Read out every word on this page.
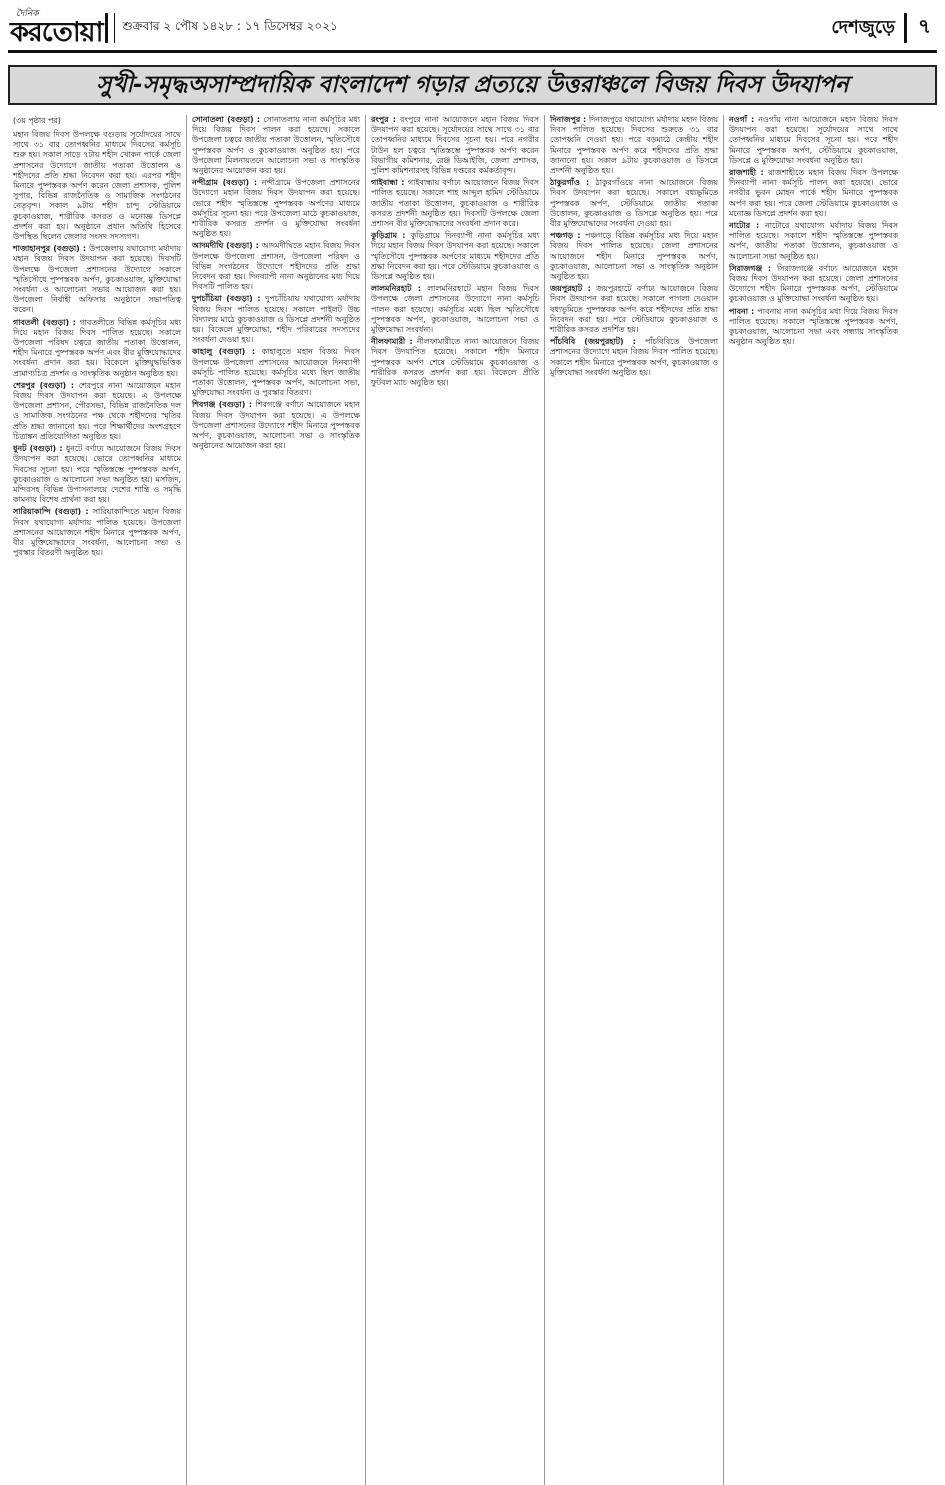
দৈনিক
করতোয়া শুক্রবার ২ পৌষ ১৪২৮ : ১৭ ডিসেম্বর ২০২১	দেশজুড়ে ৭
সুখী-সমৃদ্ধঅসাম্প্রদায়িক বাংলাদেশ গড়ার প্রত্যয়ে উত্তরাঞ্চলে বিজয় দিবস উদযাপন
(৩য় পৃষ্ঠার পর)

মহান বিজয় দিবস উপলক্ষে বগুড়ায় সূর্যোদয়ের সাথে সাথে ৩১ বার তোপধ্বনির মাধ্যমে দিবসের কর্মসূচি শুরু হয়। সকাল সাড়ে ৭টায় শহীদ খোকন পার্কে জেলা প্রশাসনের উদ্যোগে জাতীয় পতাকা উত্তোলন ও শহীদদের প্রতি শ্রদ্ধা নিবেদন করা হয়। এরপর শহীদ মিনারে পুষ্পস্তবক অর্পণ করেন জেলা প্রশাসক, পুলিশ সুপার, বিভিন্ন রাজনৈতিক ও সামাজিক সংগঠনের নেতৃবৃন্দ। সকাল ৯টায় শহীদ চান্দু স্টেডিয়ামে কুচকাওয়াজ, শারীরিক কসরত ও মনোজ্ঞ ডিসপ্লে প্রদর্শন করা হয়। অনুষ্ঠানে প্রধান অতিথি হিসেবে উপস্থিত ছিলেন জেলার সংসদ সদস্যগণ।

শাজাহানপুর (বগুড়া) : উপজেলায় যথাযোগ্য মর্যাদায় মহান বিজয় দিবস উদযাপন করা হয়েছে। দিবসটি উপলক্ষে উপজেলা প্রশাসনের উদ্যোগে সকালে স্মৃতিসৌধে পুষ্পস্তবক অর্পণ, কুচকাওয়াজ, মুক্তিযোদ্ধা সংবর্ধনা ও আলোচনা সভার আয়োজন করা হয়। উপজেলা নির্বাহী অফিসার অনুষ্ঠানে সভাপতিত্ব করেন।

গাবতলী (বগুড়া) : গাবতলীতে বিভিন্ন কর্মসূচির মধ্য দিয়ে মহান বিজয় দিবস পালিত হয়েছে। সকালে উপজেলা পরিষদ চত্বরে জাতীয় পতাকা উত্তোলন, শহীদ মিনারে পুষ্পস্তবক অর্পণ এবং বীর মুক্তিযোদ্ধাদের সংবর্ধনা প্রদান করা হয়। বিকেলে মুক্তিযুদ্ধভিত্তিক প্রামাণ্যচিত্র প্রদর্শন ও সাংস্কৃতিক অনুষ্ঠান অনুষ্ঠিত হয়।

শেরপুর (বগুড়া) : শেরপুরে নানা আয়োজনে মহান বিজয় দিবস উদযাপন করা হয়েছে। এ উপলক্ষে উপজেলা প্রশাসন, পৌরসভা, বিভিন্ন রাজনৈতিক দল ও সামাজিক সংগঠনের পক্ষ থেকে শহীদদের স্মৃতির প্রতি শ্রদ্ধা জানানো হয়। পরে শিক্ষার্থীদের অংশগ্রহণে চিত্রাঙ্কন প্রতিযোগিতা অনুষ্ঠিত হয়।

ধুনট (বগুড়া) : ধুনটে বর্ণাঢ্য আয়োজনে বিজয় দিবস উদযাপন করা হয়েছে। ভোরে তোপধ্বনির মাধ্যমে দিবসের সূচনা হয়। পরে স্মৃতিস্তম্ভে পুষ্পস্তবক অর্পণ, কুচকাওয়াজ ও আলোচনা সভা অনুষ্ঠিত হয়। মসজিদ, মন্দিরসহ বিভিন্ন উপাসনালয়ে দেশের শান্তি ও সমৃদ্ধি কামনায় বিশেষ প্রার্থনা করা হয়।

সারিয়াকান্দি (বগুড়া) : সারিয়াকান্দিতে মহান বিজয় দিবস যথাযোগ্য মর্যাদায় পালিত হয়েছে। উপজেলা প্রশাসনের আয়োজনে শহীদ মিনারে পুষ্পস্তবক অর্পণ, বীর মুক্তিযোদ্ধাদের সংবর্ধনা, আলোচনা সভা ও পুরস্কার বিতরণী অনুষ্ঠিত হয়।

সোনাতলা (বগুড়া) : সোনাতলায় নানা কর্মসূচির মধ্য দিয়ে বিজয় দিবস পালন করা হয়েছে। সকালে উপজেলা চত্বরে জাতীয় পতাকা উত্তোলন, স্মৃতিসৌধে পুষ্পস্তবক অর্পণ ও কুচকাওয়াজ অনুষ্ঠিত হয়। পরে উপজেলা মিলনায়তনে আলোচনা সভা ও সাংস্কৃতিক অনুষ্ঠানের আয়োজন করা হয়।

নন্দীগ্রাম (বগুড়া) : নন্দীগ্রামে উপজেলা প্রশাসনের উদ্যোগে মহান বিজয় দিবস উদযাপন করা হয়েছে। ভোরে শহীদ স্মৃতিস্তম্ভে পুষ্পস্তবক অর্পণের মাধ্যমে কর্মসূচির সূচনা হয়। পরে উপজেলা মাঠে কুচকাওয়াজ, শারীরিক কসরত প্রদর্শন ও মুক্তিযোদ্ধা সংবর্ধনা অনুষ্ঠিত হয়।

আদমদীঘি (বগুড়া) : আদমদীঘিতে মহান বিজয় দিবস উপলক্ষে উপজেলা প্রশাসন, উপজেলা পরিষদ ও বিভিন্ন সংগঠনের উদ্যোগে শহীদদের প্রতি শ্রদ্ধা নিবেদন করা হয়। দিনব্যাপী নানা অনুষ্ঠানের মধ্য দিয়ে দিবসটি পালিত হয়।

দুপচাঁচিয়া (বগুড়া) : দুপচাঁচিয়ায় যথাযোগ্য মর্যাদায় বিজয় দিবস পালিত হয়েছে। সকালে পাইলট উচ্চ বিদ্যালয় মাঠে কুচকাওয়াজ ও ডিসপ্লে প্রদর্শনী অনুষ্ঠিত হয়। বিকেলে মুক্তিযোদ্ধা, শহীদ পরিবারের সদস্যদের সংবর্ধনা দেওয়া হয়।

কাহালু (বগুড়া) : কাহালুতে মহান বিজয় দিবস উপলক্ষে উপজেলা প্রশাসনের আয়োজনে দিনব্যাপী কর্মসূচি পালিত হয়েছে। কর্মসূচির মধ্যে ছিল জাতীয় পতাকা উত্তোলন, পুষ্পস্তবক অর্পণ, আলোচনা সভা, মুক্তিযোদ্ধা সংবর্ধনা ও পুরস্কার বিতরণ।

শিবগঞ্জ (বগুড়া) : শিবগঞ্জে বর্ণাঢ্য আয়োজনে মহান বিজয় দিবস উদযাপন করা হয়েছে। এ উপলক্ষে উপজেলা প্রশাসনের উদ্যোগে শহীদ মিনারে পুষ্পস্তবক অর্পণ, কুচকাওয়াজ, আলোচনা সভা ও সাংস্কৃতিক অনুষ্ঠানের আয়োজন করা হয়।

রংপুর : রংপুরে নানা আয়োজনে মহান বিজয় দিবস উদযাপন করা হয়েছে। সূর্যোদয়ের সাথে সাথে ৩১ বার তোপধ্বনির মাধ্যমে দিবসের সূচনা হয়। পরে নগরীর টাউন হল চত্বরে স্মৃতিস্তম্ভে পুষ্পস্তবক অর্পণ করেন বিভাগীয় কমিশনার, রেঞ্জ ডিআইজি, জেলা প্রশাসক, পুলিশ কমিশনারসহ বিভিন্ন দপ্তরের কর্মকর্তাবৃন্দ।

গাইবান্ধা : গাইবান্ধায় বর্ণাঢ্য আয়োজনে বিজয় দিবস পালিত হয়েছে। সকালে শাহ আব্দুল হামিদ স্টেডিয়ামে জাতীয় পতাকা উত্তোলন, কুচকাওয়াজ ও শারীরিক কসরত প্রদর্শনী অনুষ্ঠিত হয়। দিবসটি উপলক্ষে জেলা প্রশাসন বীর মুক্তিযোদ্ধাদের সংবর্ধনা প্রদান করে।

কুড়িগ্রাম : কুড়িগ্রামে দিনব্যাপী নানা কর্মসূচির মধ্য দিয়ে মহান বিজয় দিবস উদযাপন করা হয়েছে। সকালে স্মৃতিসৌধে পুষ্পস্তবক অর্পণের মাধ্যমে শহীদদের প্রতি শ্রদ্ধা নিবেদন করা হয়। পরে স্টেডিয়ামে কুচকাওয়াজ ও ডিসপ্লে অনুষ্ঠিত হয়।

লালমনিরহাট : লালমনিরহাটে মহান বিজয় দিবস উপলক্ষে জেলা প্রশাসনের উদ্যোগে নানা কর্মসূচি পালন করা হয়েছে। কর্মসূচির মধ্যে ছিল স্মৃতিসৌধে পুষ্পস্তবক অর্পণ, কুচকাওয়াজ, আলোচনা সভা ও মুক্তিযোদ্ধা সংবর্ধনা।

নীলফামারী : নীলফামারীতে নানা আয়োজনে বিজয় দিবস উদযাপিত হয়েছে। সকালে শহীদ মিনারে পুষ্পস্তবক অর্পণ শেষে স্টেডিয়ামে কুচকাওয়াজ ও শারীরিক কসরত প্রদর্শন করা হয়। বিকেলে প্রীতি ফুটবল ম্যাচ অনুষ্ঠিত হয়।

দিনাজপুর : দিনাজপুরে যথাযোগ্য মর্যাদায় মহান বিজয় দিবস পালিত হয়েছে। দিবসের শুরুতে ৩১ বার তোপধ্বনি দেওয়া হয়। পরে বড়মাঠে কেন্দ্রীয় শহীদ মিনারে পুষ্পস্তবক অর্পণ করে শহীদদের প্রতি শ্রদ্ধা জানানো হয়। সকাল ৯টায় কুচকাওয়াজ ও ডিসপ্লে প্রদর্শনী অনুষ্ঠিত হয়।

ঠাকুরগাঁও : ঠাকুরগাঁওয়ে নানা আয়োজনে বিজয় দিবস উদযাপন করা হয়েছে। সকালে বধ্যভূমিতে পুষ্পস্তবক অর্পণ, স্টেডিয়ামে জাতীয় পতাকা উত্তোলন, কুচকাওয়াজ ও ডিসপ্লে অনুষ্ঠিত হয়। পরে বীর মুক্তিযোদ্ধাদের সংবর্ধনা দেওয়া হয়।

পঞ্চগড় : পঞ্চগড়ে বিভিন্ন কর্মসূচির মধ্য দিয়ে মহান বিজয় দিবস পালিত হয়েছে। জেলা প্রশাসনের আয়োজনে শহীদ মিনারে পুষ্পস্তবক অর্পণ, কুচকাওয়াজ, আলোচনা সভা ও সাংস্কৃতিক অনুষ্ঠান অনুষ্ঠিত হয়।

জয়পুরহাট : জয়পুরহাটে বর্ণাঢ্য আয়োজনে বিজয় দিবস উদযাপন করা হয়েছে। সকালে পাগলা দেওয়ান বধ্যভূমিতে পুষ্পস্তবক অর্পণ করে শহীদদের প্রতি শ্রদ্ধা নিবেদন করা হয়। পরে স্টেডিয়ামে কুচকাওয়াজ ও শারীরিক কসরত প্রদর্শিত হয়।

পাঁচবিবি (জয়পুরহাট) : পাঁচবিবিতে উপজেলা প্রশাসনের উদ্যোগে মহান বিজয় দিবস পালিত হয়েছে। সকালে শহীদ মিনারে পুষ্পস্তবক অর্পণ, কুচকাওয়াজ ও মুক্তিযোদ্ধা সংবর্ধনা অনুষ্ঠিত হয়।

নওগাঁ : নওগাঁয় নানা আয়োজনে মহান বিজয় দিবস উদযাপন করা হয়েছে। সূর্যোদয়ের সাথে সাথে তোপধ্বনির মাধ্যমে দিবসের সূচনা হয়। পরে শহীদ মিনারে পুষ্পস্তবক অর্পণ, স্টেডিয়ামে কুচকাওয়াজ, ডিসপ্লে ও মুক্তিযোদ্ধা সংবর্ধনা অনুষ্ঠিত হয়।

রাজশাহী : রাজশাহীতে মহান বিজয় দিবস উপলক্ষে দিনব্যাপী নানা কর্মসূচি পালন করা হয়েছে। ভোরে নগরীর ভুবন মোহন পার্কে শহীদ মিনারে পুষ্পস্তবক অর্পণ করা হয়। পরে জেলা স্টেডিয়ামে কুচকাওয়াজ ও মনোজ্ঞ ডিসপ্লে প্রদর্শন করা হয়।

নাটোর : নাটোরে যথাযোগ্য মর্যাদায় বিজয় দিবস পালিত হয়েছে। সকালে শহীদ স্মৃতিস্তম্ভে পুষ্পস্তবক অর্পণ, জাতীয় পতাকা উত্তোলন, কুচকাওয়াজ ও আলোচনা সভা অনুষ্ঠিত হয়।

সিরাজগঞ্জ : সিরাজগঞ্জে বর্ণাঢ্য আয়োজনে মহান বিজয় দিবস উদযাপন করা হয়েছে। জেলা প্রশাসনের উদ্যোগে শহীদ মিনারে পুষ্পস্তবক অর্পণ, স্টেডিয়ামে কুচকাওয়াজ ও মুক্তিযোদ্ধা সংবর্ধনা অনুষ্ঠিত হয়।

পাবনা : পাবনায় নানা কর্মসূচির মধ্য দিয়ে বিজয় দিবস পালিত হয়েছে। সকালে স্মৃতিস্তম্ভে পুষ্পস্তবক অর্পণ, কুচকাওয়াজ, আলোচনা সভা এবং সন্ধ্যায় সাংস্কৃতিক অনুষ্ঠান অনুষ্ঠিত হয়।
